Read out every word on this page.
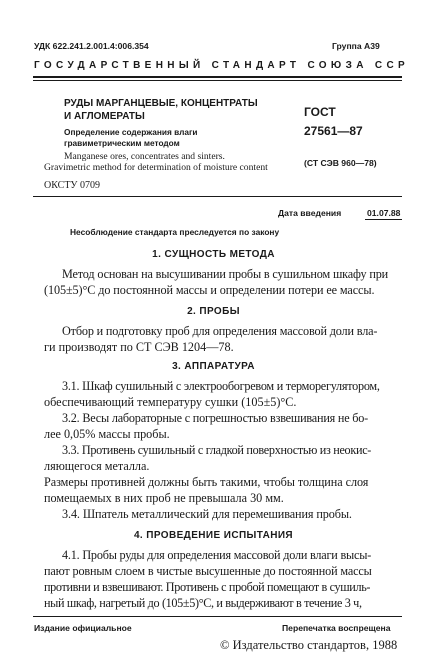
УДК 622.241.2.001.4:006.354	Группа А39
ГОСУДАРСТВЕННЫЙ СТАНДАРТ СОЮЗА ССР
РУДЫ МАРГАНЦЕВЫЕ, КОНЦЕНТРАТЫ
И АГЛОМЕРАТЫ
Определение содержания влаги
гравиметрическим методом
Manganese ores, concentrates and sinters.
Gravimetric method for determination of moisture content
ОКСТУ 0709
ГОСТ
27561—87
(СТ СЭВ 960—78)
Дата введения	01.07.88
Несоблюдение стандарта преследуется по закону
1. СУЩНОСТЬ МЕТОДА
Метод основан на высушивании пробы в сушильном шкафу при
(105±5)°С до постоянной массы и определении потери ее массы.
2. ПРОБЫ
Отбор и подготовку проб для определения массовой доли вла-
ги производят по СТ СЭВ 1204—78.
3. АППАРАТУРА
3.1. Шкаф сушильный с электрообогревом и терморегулятором,
обеспечивающий температуру сушки (105±5)°С.
3.2. Весы лабораторные с погрешностью взвешивания не бо-
лее 0,05% массы пробы.
3.3. Противень сушильный с гладкой поверхностью из неокис-
ляющегося металла.
Размеры противней должны быть такими, чтобы толщина слоя
помещаемых в них проб не превышала 30 мм.
3.4. Шпатель металлический для перемешивания пробы.
4. ПРОВЕДЕНИЕ ИСПЫТАНИЯ
4.1. Пробы руды для определения массовой доли влаги высы-
пают ровным слоем в чистые высушенные до постоянной массы
противни и взвешивают. Противень с пробой помещают в сушиль-
ный шкаф, нагретый до (105±5)°С, и выдерживают в течение 3 ч,
Издание официальное	Перепечатка воспрещена
© Издательство стандартов, 1988
